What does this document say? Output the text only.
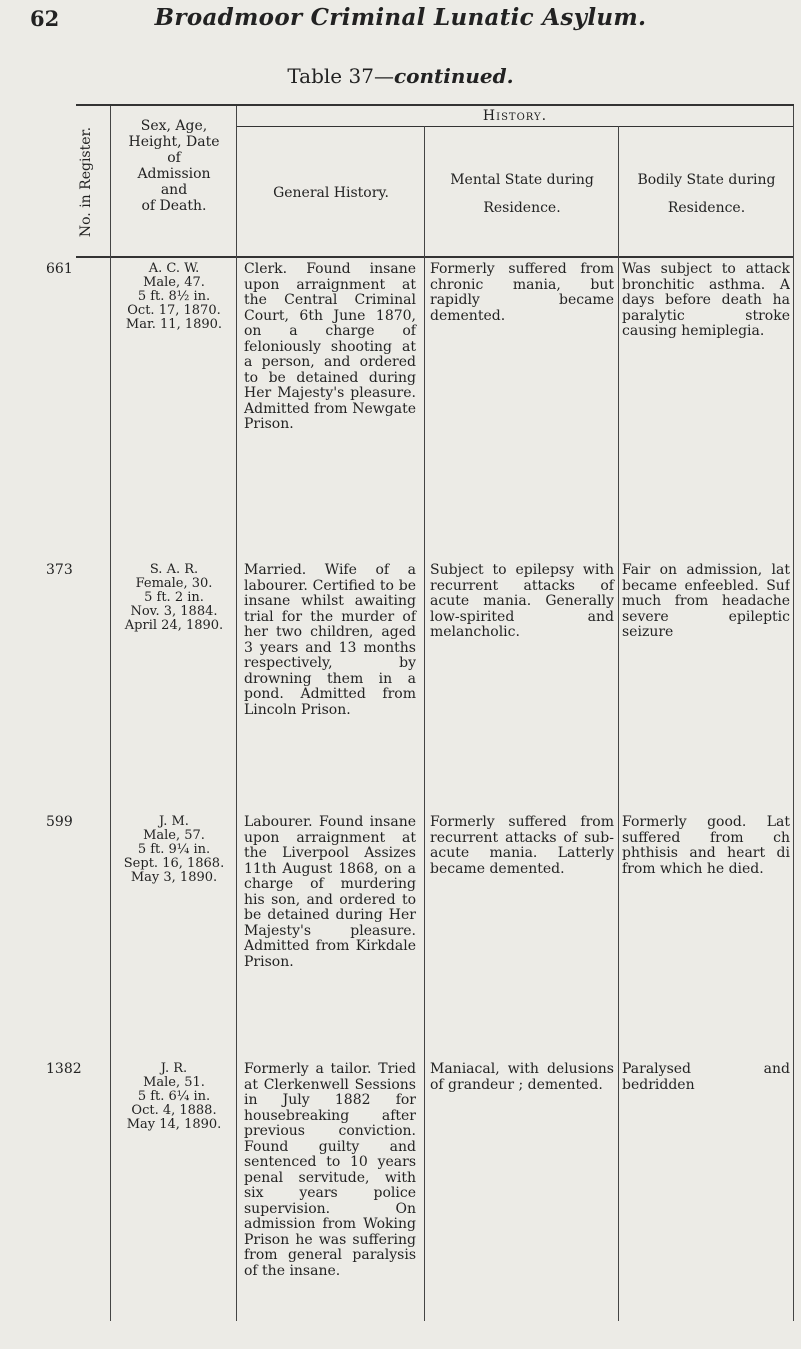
62	Broadmoor Criminal Lunatic Asylum.
Table 37—continued.
No. in Register.
Sex, Age,
Height, Date
of
Admission
and
of Death.
History.
General History.
Mental State during
Residence.
Bodily State during
Residence.
661	A. C. W.
Male, 47.
5 ft. 8½ in.
Oct. 17, 1870.
Mar. 11, 1890.
Clerk. Found insane upon arraignment at the Central Criminal Court, 6th June 1870, on a charge of feloniously shooting at a person, and ordered to be detained during Her Majesty's pleasure. Admitted from Newgate Prison.
Formerly suffered from chronic mania, but rapidly became demented.
Was subject to attack bronchitic asthma. A days before death ha paralytic stroke causing hemiplegia.
373	S. A. R.
Female, 30.
5 ft. 2 in.
Nov. 3, 1884.
April 24, 1890.
Married. Wife of a labourer. Certified to be insane whilst awaiting trial for the murder of her two children, aged 3 years and 13 months respectively, by drowning them in a pond. Admitted from Lincoln Prison.
Subject to epilepsy with recurrent attacks of acute mania. Generally low-spirited and melancholic.
Fair on admission, lat became enfeebled. Suf much from headache severe epileptic seizure
599	J. M.
Male, 57.
5 ft. 9¼ in.
Sept. 16, 1868.
May 3, 1890.
Labourer. Found insane upon arraignment at the Liverpool Assizes 11th August 1868, on a charge of murdering his son, and ordered to be detained during Her Majesty's pleasure. Admitted from Kirkdale Prison.
Formerly suffered from recurrent attacks of sub-acute mania. Latterly became demented.
Formerly good. Lat suffered from ch phthisis and heart di from which he died.
1382	J. R.
Male, 51.
5 ft. 6¼ in.
Oct. 4, 1888.
May 14, 1890.
Formerly a tailor. Tried at Clerkenwell Sessions in July 1882 for housebreaking after previous conviction. Found guilty and sentenced to 10 years penal servitude, with six years police supervision. On admission from Woking Prison he was suffering from general paralysis of the insane.
Maniacal, with delusions of grandeur ; demented.
Paralysed and bedridden
